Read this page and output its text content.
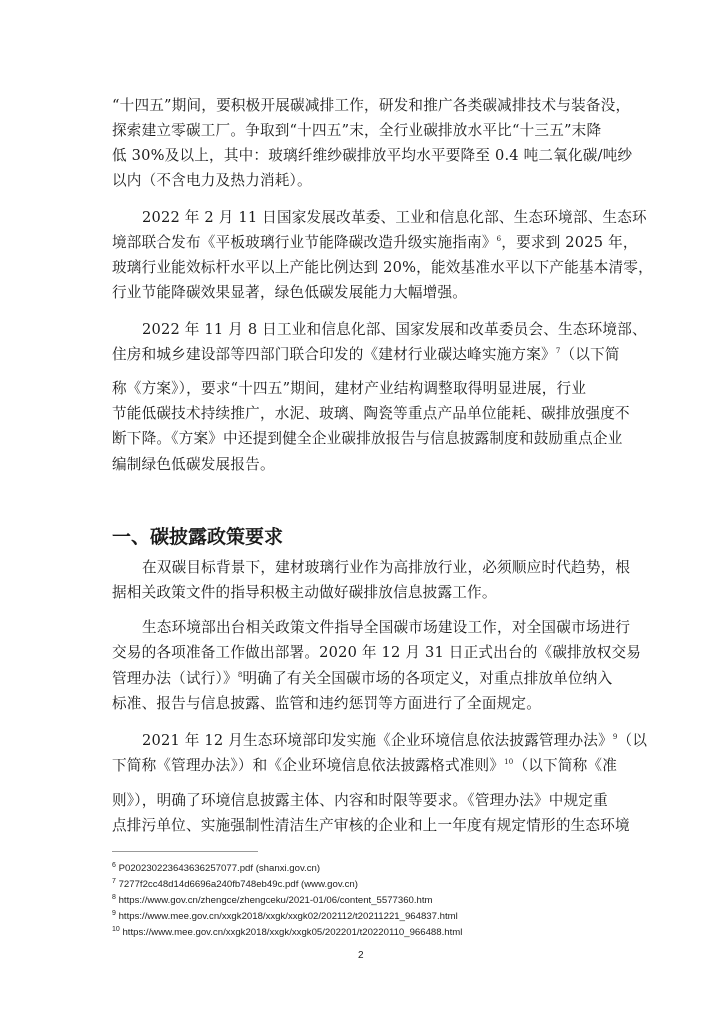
“十四五”期间，要积极开展碳减排工作，研发和推广各类碳减排技术与装备没，
探索建立零碳工厂。争取到“十四五”末，全行业碳排放水平比“十三五”末降
低 30%及以上，其中：玻璃纤维纱碳排放平均水平要降至 0.4 吨二氧化碳/吨纱
以内（不含电力及热力消耗）。
2022 年 2 月 11 日国家发展改革委、工业和信息化部、生态环境部、生态环
境部联合发布《平板玻璃行业节能降碳改造升级实施指南》$^6$，要求到 2025 年，
玻璃行业能效标杆水平以上产能比例达到 20%，能效基准水平以下产能基本清零，
行业节能降碳效果显著，绿色低碳发展能力大幅增强。
2022 年 11 月 8 日工业和信息化部、国家发展和改革委员会、生态环境部、
住房和城乡建设部等四部门联合印发的《建材行业碳达峰实施方案》$^7$（以下简
称《方案》），要求“十四五”期间，建材产业结构调整取得明显进展，行业
节能低碳技术持续推广，水泥、玻璃、陶瓷等重点产品单位能耗、碳排放强度不
断下降。《方案》中还提到健全企业碳排放报告与信息披露制度和鼓励重点企业
编制绿色低碳发展报告。
一、碳披露政策要求
在双碳目标背景下，建材玻璃行业作为高排放行业，必须顺应时代趋势，根
据相关政策文件的指导积极主动做好碳排放信息披露工作。
生态环境部出台相关政策文件指导全国碳市场建设工作，对全国碳市场进行
交易的各项准备工作做出部署。2020 年 12 月 31 日正式出台的《碳排放权交易
管理办法（试行）》$^8$明确了有关全国碳市场的各项定义，对重点排放单位纳入
标准、报告与信息披露、监管和违约惩罚等方面进行了全面规定。
2021 年 12 月生态环境部印发实施《企业环境信息依法披露管理办法》$^9$（以
下简称《管理办法》）和《企业环境信息依法披露格式准则》$^{10}$（以下简称《准
则》），明确了环境信息披露主体、内容和时限等要求。《管理办法》中规定重
点排污单位、实施强制性清洁生产审核的企业和上一年度有规定情形的生态环境
$^6$ P020230223643636257077.pdf (shanxi.gov.cn)
$^7$ 7277f2cc48d14d6696a240fb748eb49c.pdf (www.gov.cn)
$^8$ https://www.gov.cn/zhengce/zhengceku/2021-01/06/content_5577360.htm
$^9$ https://www.mee.gov.cn/xxgk2018/xxgk/xxgk02/202112/t20211221_964837.html
$^{10}$ https://www.mee.gov.cn/xxgk2018/xxgk/xxgk05/202201/t20220110_966488.html
2
